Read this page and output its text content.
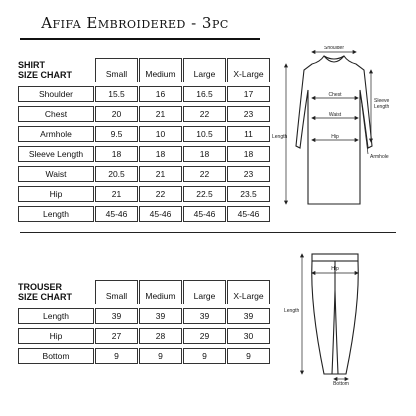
Afifa Embroidered - 3pc
SHIRT
SIZE CHART	Small	Medium	Large	X-Large
Shoulder	15.5	16	16.5	17
Chest	20	21	22	23
Armhole	9.5	10	10.5	11
Sleeve Length	18	18	18	18
Waist	20.5	21	22	23
Hip	21	22	22.5	23.5
Length	45-46	45-46	45-46	45-46
Shoulder
Chest
Waist
Hip
Sleeve
Length
Armhole
Length
TROUSER
SIZE CHART	Small	Medium	Large	X-Large
Length	39	39	39	39
Hip	27	28	29	30
Bottom	9	9	9	9
Hip
Length
Bottom
